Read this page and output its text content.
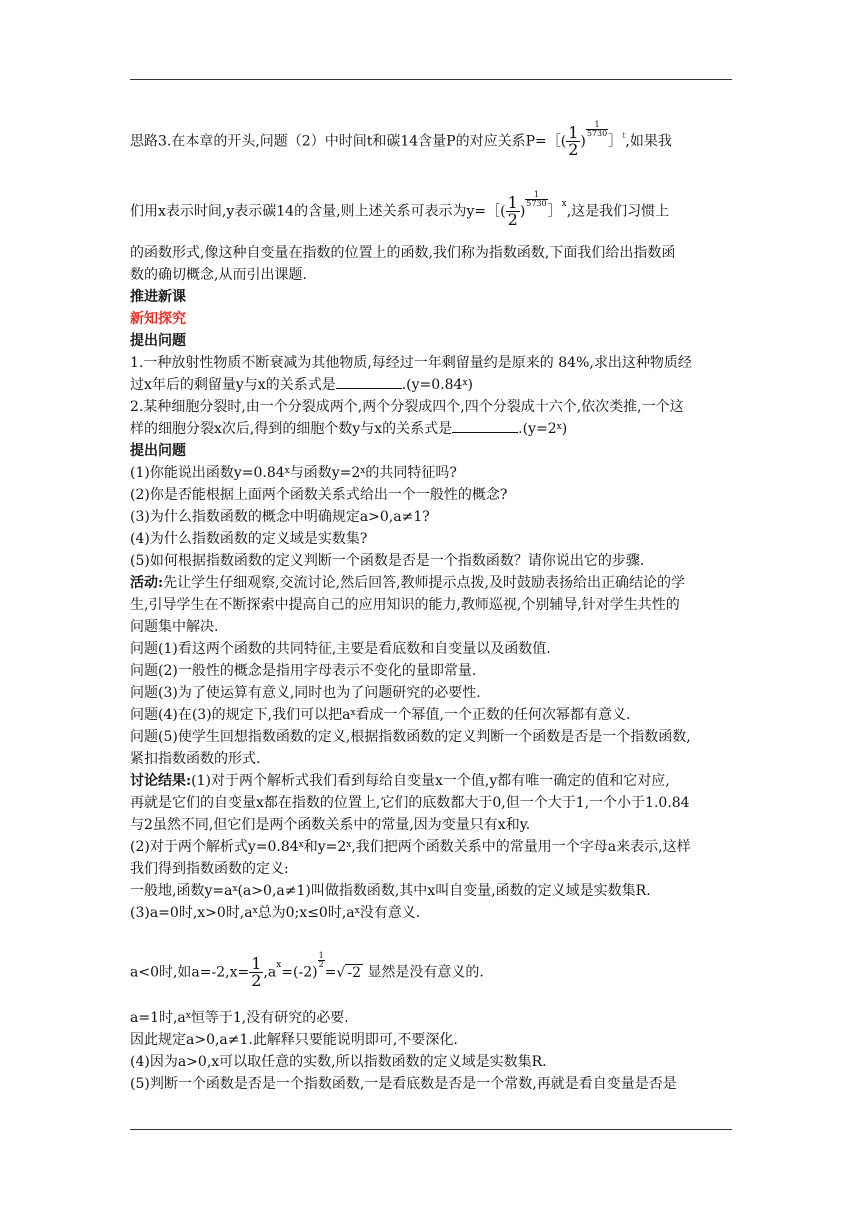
思路3.在本章的开头,问题（2）中时间t和碳14含量P的对应关系P=［( $\frac{1}{2}$ )
$\frac{1}{5730}$
］$^t$,如果我
们用x表示时间,y表示碳14的含量,则上述关系可表示为y=［( $\frac{1}{2}$ )
$\frac{1}{5730}$
］$^x$,这是我们习惯上
的函数形式,像这种自变量在指数的位置上的函数,我们称为指数函数,下面我们给出指数函
数的确切概念,从而引出课题.
推进新课
新知探究
提出问题
1.一种放射性物质不断衰减为其他物质,每经过一年剩留量约是原来的 84%,求出这种物质经
过x年后的剩留量y与x的关系式是	$.(y=0.84^x)$
2.某种细胞分裂时,由一个分裂成两个,两个分裂成四个,四个分裂成十六个,依次类推,一个这
样的细胞分裂x次后,得到的细胞个数y与x的关系式是	$.(y=2^x)$
提出问题
(1)你能说出函数$y=0.84^x$与函数$y=2^x$的共同特征吗?
(2)你是否能根据上面两个函数关系式给出一个一般性的概念?
(3)为什么指数函数的概念中明确规定a>0,a≠1?
(4)为什么指数函数的定义域是实数集?
(5)如何根据指数函数的定义判断一个函数是否是一个指数函数？请你说出它的步骤.
活动:先让学生仔细观察,交流讨论,然后回答,教师提示点拨,及时鼓励表扬给出正确结论的学
生,引导学生在不断探索中提高自己的应用知识的能力,教师巡视,个别辅导,针对学生共性的
问题集中解决.
问题(1)看这两个函数的共同特征,主要是看底数和自变量以及函数值.
问题(2)一般性的概念是指用字母表示不变化的量即常量.
问题(3)为了使运算有意义,同时也为了问题研究的必要性.
问题(4)在(3)的规定下,我们可以把$a^x$看成一个幂值,一个正数的任何次幂都有意义.
问题(5)使学生回想指数函数的定义,根据指数函数的定义判断一个函数是否是一个指数函数,
紧扣指数函数的形式.
讨论结果:(1)对于两个解析式我们看到每给自变量x一个值,y都有唯一确定的值和它对应,
再就是它们的自变量x都在指数的位置上,它们的底数都大于0,但一个大于1,一个小于1.0.84
与2虽然不同,但它们是两个函数关系中的常量,因为变量只有x和y.
(2)对于两个解析式$y=0.84^x$和$y=2^x$,我们把两个函数关系中的常量用一个字母a来表示,这样
我们得到指数函数的定义:
一般地,函数$y=a^x(a>0,a\ne 1)$叫做指数函数,其中x叫自变量,函数的定义域是实数集R.
(3)a=0时,x>0时$,a^x$总为0;x≤0时$,a^x$没有意义.
a<0时,如$a=-2,x= \frac{1}{2} ,a^x=(-2)$
$\frac{1}{2}$
=√ -2 显然是没有意义的.
a=1时$,a^x$恒等于1,没有研究的必要.
因此规定a>0,a≠1.此解释只要能说明即可,不要深化.
(4)因为a>0,x可以取任意的实数,所以指数函数的定义域是实数集R.
(5)判断一个函数是否是一个指数函数,一是看底数是否是一个常数,再就是看自变量是否是
